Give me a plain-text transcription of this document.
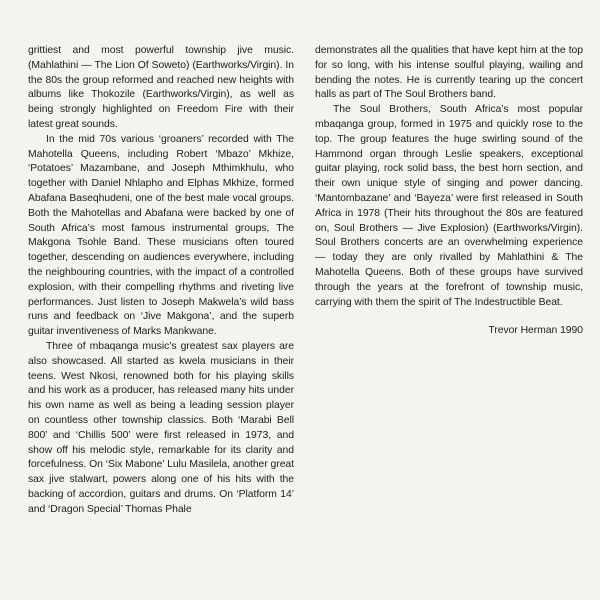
grittiest and most powerful township jive music. (Mahlathini — The Lion Of Soweto) (Earthworks/Virgin). In the 80s the group reformed and reached new heights with albums like Thokozile (Earthworks/Virgin), as well as being strongly highlighted on Freedom Fire with their latest great sounds.

In the mid 70s various ‘groaners’ recorded with The Mahotella Queens, including Robert ‘Mbazo’ Mkhize, ‘Potatoes’ Mazambane, and Joseph Mthimkhulu, who together with Daniel Nhlapho and Elphas Mkhize, formed Abafana Baseqhudeni, one of the best male vocal groups. Both the Mahotellas and Abafana were backed by one of South Africa’s most famous instrumental groups, The Makgona Tsohle Band. These musicians often toured together, descending on audiences everywhere, including the neighbouring countries, with the impact of a controlled explosion, with their compelling rhythms and riveting live performances. Just listen to Joseph Makwela’s wild bass runs and feedback on ‘Jive Makgona’, and the superb guitar inventiveness of Marks Mankwane.

Three of mbaqanga music’s greatest sax players are also showcased. All started as kwela musicians in their teens. West Nkosi, renowned both for his playing skills and his work as a producer, has released many hits under his own name as well as being a leading session player on countless other township classics. Both ‘Marabi Bell 800’ and ‘Chillis 500’ were first released in 1973, and show off his melodic style, remarkable for its clarity and forcefulness. On ‘Six Mabone’ Lulu Masilela, another great sax jive stalwart, powers along one of his hits with the backing of accordion, guitars and drums. On ‘Platform 14’ and ‘Dragon Special’ Thomas Phale

demonstrates all the qualities that have kept him at the top for so long, with his intense soulful playing, wailing and bending the notes. He is currently tearing up the concert halls as part of The Soul Brothers band.

The Soul Brothers, South Africa’s most popular mbaqanga group, formed in 1975 and quickly rose to the top. The group features the huge swirling sound of the Hammond organ through Leslie speakers, exceptional guitar playing, rock solid bass, the best horn section, and their own unique style of singing and power dancing. ‘Mantombazane’ and ‘Bayeza’ were first released in South Africa in 1978 (Their hits throughout the 80s are featured on, Soul Brothers — Jive Explosion) (Earthworks/Virgin). Soul Brothers concerts are an overwhelming experience — today they are only rivalled by Mahlathini & The Mahotella Queens. Both of these groups have survived through the years at the forefront of township music, carrying with them the spirit of The Indestructible Beat.

Trevor Herman 1990
